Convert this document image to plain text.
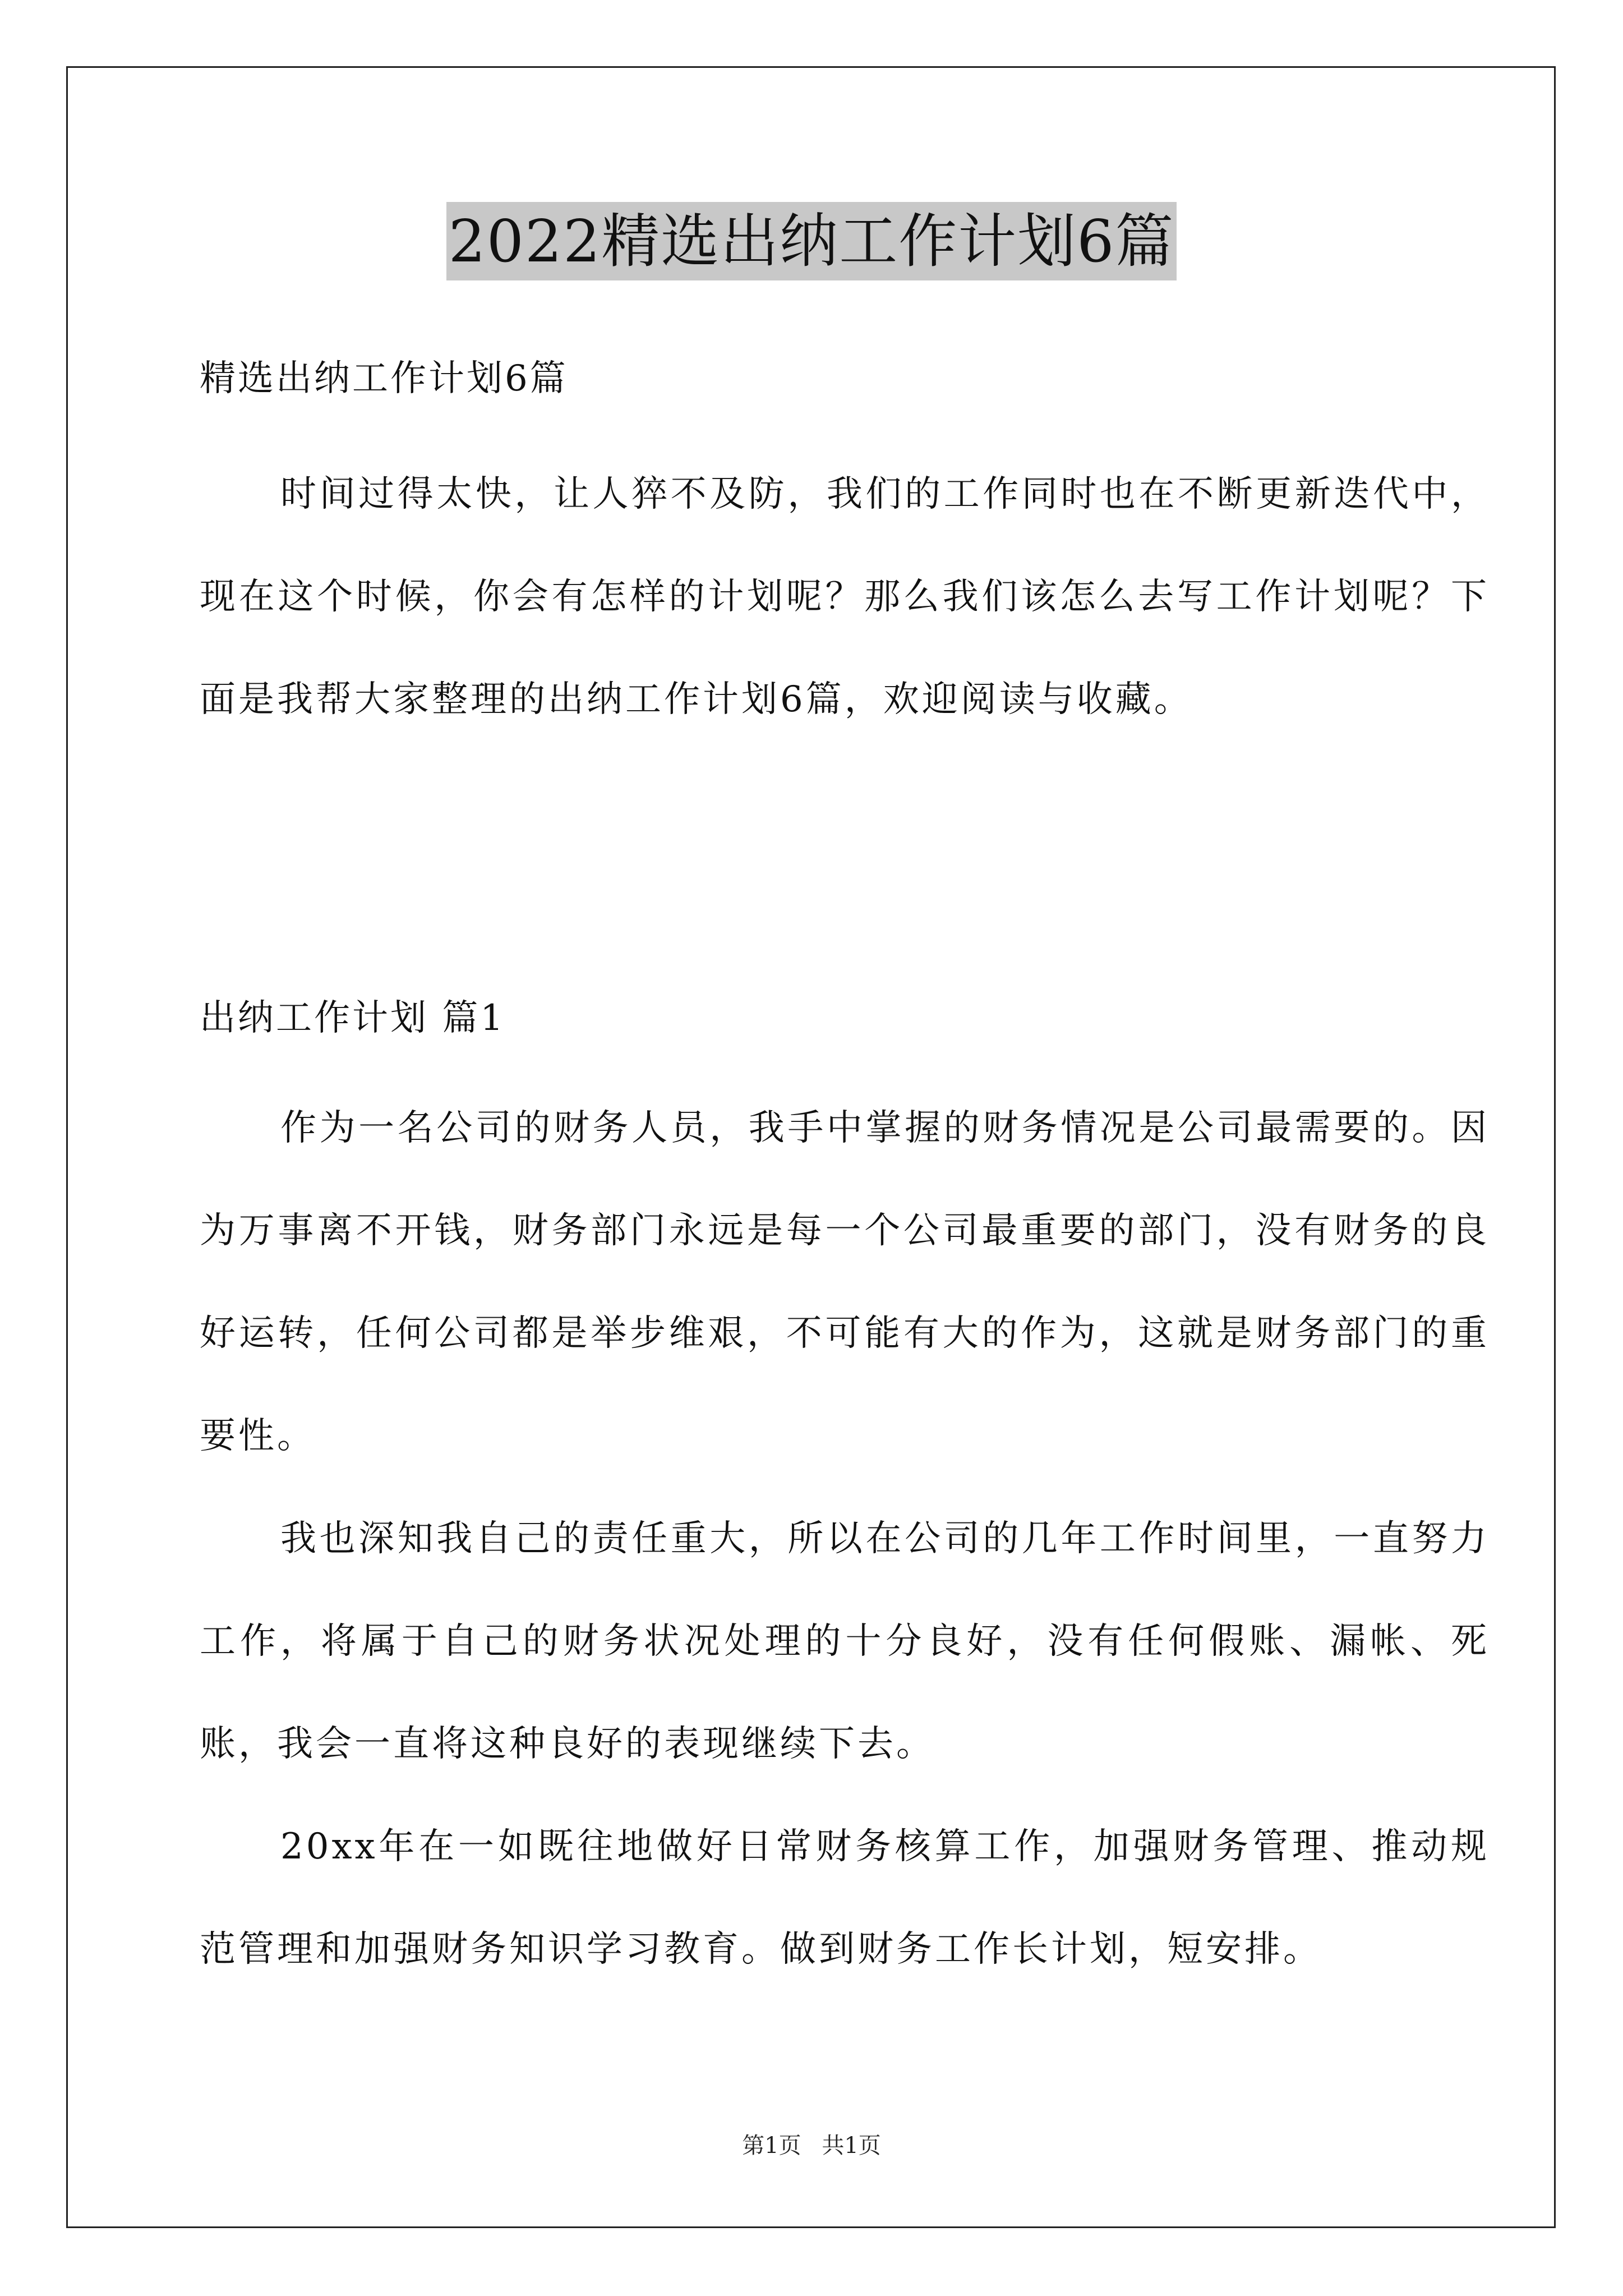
2022精选出纳工作计划6篇
精选出纳工作计划6篇

时间过得太快，让人猝不及防，我们的工作同时也在不断更新迭代中，现在这个时候，你会有怎样的计划呢？那么我们该怎么去写工作计划呢？下面是我帮大家整理的出纳工作计划6篇，欢迎阅读与收藏。

出纳工作计划 篇1

作为一名公司的财务人员，我手中掌握的财务情况是公司最需要的。因为万事离不开钱，财务部门永远是每一个公司最重要的部门，没有财务的良好运转，任何公司都是举步维艰，不可能有大的作为，这就是财务部门的重要性。

我也深知我自己的责任重大，所以在公司的几年工作时间里，一直努力工作，将属于自己的财务状况处理的十分良好，没有任何假账、漏帐、死账，我会一直将这种良好的表现继续下去。

20xx年在一如既往地做好日常财务核算工作，加强财务管理、推动规范管理和加强财务知识学习教育。做到财务工作长计划，短安排。

第1页 共1页
